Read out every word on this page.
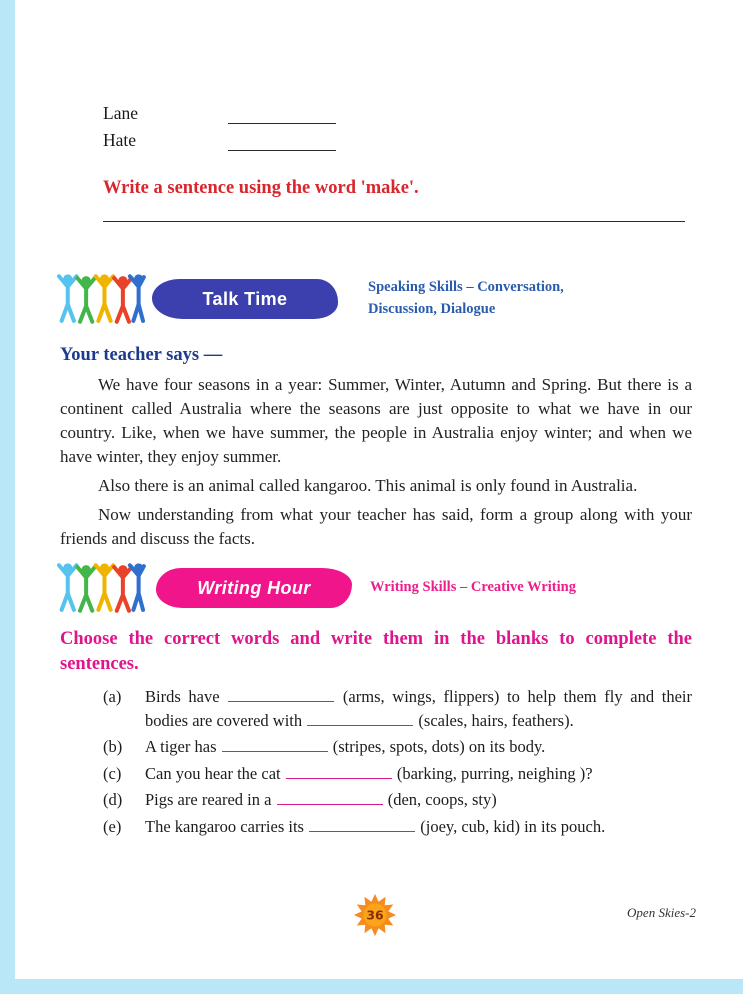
Lane
Hate
Write a sentence using the word 'make'.
Talk Time
Speaking Skills – Conversation,
Discussion, Dialogue
Your teacher says —

We have four seasons in a year: Summer, Winter, Autumn and Spring. But there is a continent called Australia where the seasons are just opposite to what we have in our country. Like, when we have summer, the people in Australia enjoy winter; and when we have winter, they enjoy summer.

Also there is an animal called kangaroo. This animal is only found in Australia.

Now understanding from what your teacher has said, form a group along with your friends and discuss the facts.

Writing Hour	Writing Skills – Creative Writing
Choose the correct words and write them in the blanks to complete the sentences.
(a)	Birds have	(arms, wings, flippers) to help them fly and their bodies are covered with	(scales, hairs, feathers).
(b)	A tiger has	(stripes, spots, dots) on its body.
(c)	Can you hear the cat	(barking, purring, neighing )?
(d)	Pigs are reared in a	(den, coops, sty)
(e)	The kangaroo carries its	(joey, cub, kid) in its pouch.
36	Open Skies-2
